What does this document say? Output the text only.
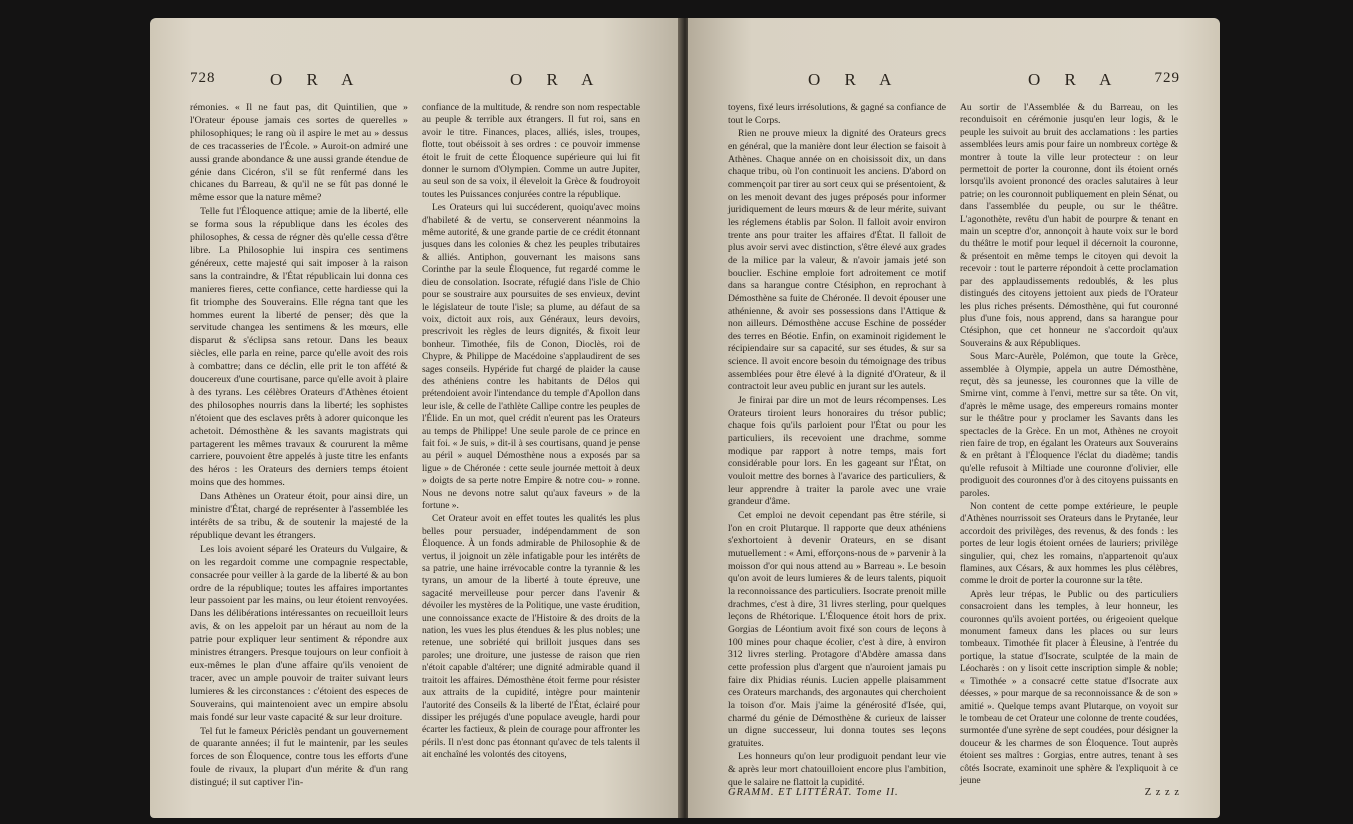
728	O R A	O R A

rémonies. « Il ne faut pas, dit Quintilien, que » l'Orateur épouse jamais ces sortes de querelles » philosophiques; le rang où il aspire le met au » dessus de ces tracasseries de l'École. » Auroit-on admiré une aussi grande abondance & une aussi grande étendue de génie dans Cicéron, s'il se fût renfermé dans les chicanes du Barreau, & qu'il ne se fût pas donné le même essor que la nature même?

Telle fut l'Éloquence attique; amie de la liberté, elle se forma sous la république dans les écoles des philosophes, & cessa de régner dès qu'elle cessa d'être libre. La Philosophie lui inspira ces sentimens généreux, cette majesté qui sait imposer à la raison sans la contraindre, & l'État républicain lui donna ces manieres fieres, cette confiance, cette hardiesse qui la fit triomphe des Souverains. Elle régna tant que les hommes eurent la liberté de penser; dès que la servitude changea les sentimens & les mœurs, elle disparut & s'éclipsa sans retour. Dans les beaux siècles, elle parla en reine, parce qu'elle avoit des rois à combattre; dans ce déclin, elle prit le ton affété & doucereux d'une courtisane, parce qu'elle avoit à plaire à des tyrans. Les célèbres Orateurs d'Athènes étoient des philosophes nourris dans la liberté; les sophistes n'étoient que des esclaves prêts à adorer quiconque les achetoit. Démosthène & les savants magistrats qui partagerent les mêmes travaux & coururent la même carriere, pouvoient être appelés à juste titre les enfants des héros : les Orateurs des derniers temps étoient moins que des hommes.

Dans Athènes un Orateur étoit, pour ainsi dire, un ministre d'État, chargé de représenter à l'assemblée les intérêts de sa tribu, & de soutenir la majesté de la république devant les étrangers.

Les lois avoient séparé les Orateurs du Vulgaire, & on les regardoit comme une compagnie respectable, consacrée pour veiller à la garde de la liberté & au bon ordre de la république; toutes les affaires importantes leur passoient par les mains, ou leur étoient renvoyées. Dans les délibérations intéressantes on recueilloit leurs avis, & on les appeloit par un héraut au nom de la patrie pour expliquer leur sentiment & répondre aux ministres étrangers. Presque toujours on leur confioit à eux-mêmes le plan d'une affaire qu'ils venoient de tracer, avec un ample pouvoir de traiter suivant leurs lumieres & les circonstances : c'étoient des especes de Souverains, qui maintenoient avec un empire absolu mais fondé sur leur vaste capacité & sur leur droiture.

Tel fut le fameux Périclès pendant un gouvernement de quarante années; il fut le maintenir, par les seules forces de son Éloquence, contre tous les efforts d'une foule de rivaux, la plupart d'un mérite & d'un rang distingué; il sut captiver l'in-

confiance de la multitude, & rendre son nom respectable au peuple & terrible aux étrangers. Il fut roi, sans en avoir le titre. Finances, places, alliés, isles, troupes, flotte, tout obéissoit à ses ordres : ce pouvoir immense étoit le fruit de cette Éloquence supérieure qui lui fit donner le surnom d'Olympien. Comme un autre Jupiter, au seul son de sa voix, il éleveloit la Grèce & foudroyoit toutes les Puissances conjurées contre la république.

Les Orateurs qui lui succéderent, quoiqu'avec moins d'habileté & de vertu, se conserverent néanmoins la même autorité, & une grande partie de ce crédit étonnant jusques dans les colonies & chez les peuples tributaires & alliés. Antiphon, gouvernant les maisons sans Corinthe par la seule Éloquence, fut regardé comme le dieu de consolation. Isocrate, réfugié dans l'isle de Chio pour se soustraire aux poursuites de ses envieux, devint le législateur de toute l'isle; sa plume, au défaut de sa voix, dictoit aux rois, aux Généraux, leurs devoirs, prescrivoit les règles de leurs dignités, & fixoit leur bonheur. Timothée, fils de Conon, Dioclès, roi de Chypre, & Philippe de Macédoine s'applaudirent de ses sages conseils. Hypéride fut chargé de plaider la cause des athéniens contre les habitants de Délos qui prétendoient avoir l'intendance du temple d'Apollon dans leur isle, & celle de l'athlète Callipe contre les peuples de l'Élide. En un mot, quel crédit n'eurent pas les Orateurs au temps de Philippe! Une seule parole de ce prince en fait foi. « Je suis, » dit-il à ses courtisans, quand je pense au péril » auquel Démosthène nous a exposés par sa ligue » de Chéronée : cette seule journée mettoit à deux » doigts de sa perte notre Empire & notre cou- » ronne. Nous ne devons notre salut qu'aux faveurs » de la fortune ».

Cet Orateur avoit en effet toutes les qualités les plus belles pour persuader, indépendamment de son Éloquence. À un fonds admirable de Philosophie & de vertus, il joignoit un zèle infatigable pour les intérêts de sa patrie, une haine irrévocable contre la tyrannie & les tyrans, un amour de la liberté à toute épreuve, une sagacité merveilleuse pour percer dans l'avenir & dévoiler les mystères de la Politique, une vaste érudition, une connoissance exacte de l'Histoire & des droits de la nation, les vues les plus étendues & les plus nobles; une retenue, une sobriété qui brilloit jusques dans ses paroles; une droiture, une justesse de raison que rien n'étoit capable d'altérer; une dignité admirable quand il traitoit les affaires. Démosthène étoit ferme pour résister aux attraits de la cupidité, intègre pour maintenir l'autorité des Conseils & la liberté de l'État, éclairé pour dissiper les préjugés d'une populace aveugle, hardi pour écarter les factieux, & plein de courage pour affronter les périls. Il n'est donc pas étonnant qu'avec de tels talents il ait enchaîné les volontés des citoyens,

O R A	O R A 729

toyens, fixé leurs irrésolutions, & gagné sa confiance de tout le Corps.

Rien ne prouve mieux la dignité des Orateurs grecs en général, que la manière dont leur élection se faisoit à Athènes. Chaque année on en choisissoit dix, un dans chaque tribu, où l'on continuoit les anciens. D'abord on commençoit par tirer au sort ceux qui se présentoient, & on les menoit devant des juges préposés pour informer juridiquement de leurs mœurs & de leur mérite, suivant les réglemens établis par Solon. Il falloit avoir environ trente ans pour traiter les affaires d'État. Il falloit de plus avoir servi avec distinction, s'être élevé aux grades de la milice par la valeur, & n'avoir jamais jeté son bouclier. Eschine emploie fort adroitement ce motif dans sa harangue contre Ctésiphon, en reprochant à Démosthène sa fuite de Chéronée. Il devoit épouser une athénienne, & avoir ses possessions dans l'Attique & non ailleurs. Démosthène accuse Eschine de posséder des terres en Béotie. Enfin, on examinoit rigidement le récipiendaire sur sa capacité, sur ses études, & sur sa science. Il avoit encore besoin du témoignage des tribus assemblées pour être élevé à la dignité d'Orateur, & il contractoit leur aveu public en jurant sur les autels.

Je finirai par dire un mot de leurs récompenses. Les Orateurs tiroient leurs honoraires du trésor public; chaque fois qu'ils parloient pour l'État ou pour les particuliers, ils recevoient une drachme, somme modique par rapport à notre temps, mais fort considérable pour lors. En les gageant sur l'État, on vouloit mettre des bornes à l'avarice des particuliers, & leur apprendre à traiter la parole avec une vraie grandeur d'âme.

Cet emploi ne devoit cependant pas être stérile, si l'on en croit Plutarque. Il rapporte que deux athéniens s'exhortoient à devenir Orateurs, en se disant mutuellement : « Ami, efforçons-nous de » parvenir à la moisson d'or qui nous attend au » Barreau ». Le besoin qu'on avoit de leurs lumieres & de leurs talents, piquoit la reconnoissance des particuliers. Isocrate prenoit mille drachmes, c'est à dire, 31 livres sterling, pour quelques leçons de Rhétorique. L'Éloquence étoit hors de prix. Gorgias de Léontium avoit fixé son cours de leçons à 100 mines pour chaque écolier, c'est à dire, à environ 312 livres sterling. Protagore d'Abdère amassa dans cette profession plus d'argent que n'auroient jamais pu faire dix Phidias réunis. Lucien appelle plaisamment ces Orateurs marchands, des argonautes qui cherchoient la toison d'or. Mais j'aime la générosité d'Isée, qui, charmé du génie de Démosthène & curieux de laisser un digne successeur, lui donna toutes ses leçons gratuites.

Les honneurs qu'on leur prodiguoit pendant leur vie & après leur mort chatouilloient encore plus l'ambition, que le salaire ne flattoit la cupidité.

Au sortir de l'Assemblée & du Barreau, on les reconduisoit en cérémonie jusqu'en leur logis, & le peuple les suivoit au bruit des acclamations : les parties assemblées leurs amis pour faire un nombreux cortège & montrer à toute la ville leur protecteur : on leur permettoit de porter la couronne, dont ils étoient ornés lorsqu'ils avoient prononcé des oracles salutaires à leur patrie; on les couronnoit publiquement en plein Sénat, ou dans l'assemblée du peuple, ou sur le théâtre. L'agonothète, revêtu d'un habit de pourpre & tenant en main un sceptre d'or, annonçoit à haute voix sur le bord du théâtre le motif pour lequel il décernoit la couronne, & présentoit en même temps le citoyen qui devoit la recevoir : tout le parterre répondoit à cette proclamation par des applaudissements redoublés, & les plus distingués des citoyens jettoient aux pieds de l'Orateur les plus riches présents. Démosthène, qui fut couronné plus d'une fois, nous apprend, dans sa harangue pour Ctésiphon, que cet honneur ne s'accordoit qu'aux Souverains & aux Républiques.

Sous Marc-Aurèle, Polémon, que toute la Grèce, assemblée à Olympie, appela un autre Démosthène, reçut, dès sa jeunesse, les couronnes que la ville de Smirne vint, comme à l'envi, mettre sur sa tête. On vit, d'après le même usage, des empereurs romains monter sur le théâtre pour y proclamer les Savants dans les spectacles de la Grèce. En un mot, Athènes ne croyoit rien faire de trop, en égalant les Orateurs aux Souverains & en prêtant à l'Éloquence l'éclat du diadème; tandis qu'elle refusoit à Miltiade une couronne d'olivier, elle prodiguoit des couronnes d'or à des citoyens puissants en paroles.

Non content de cette pompe extérieure, le peuple d'Athènes nourrissoit ses Orateurs dans le Prytanée, leur accordoit des privilèges, des revenus, & des fonds : les portes de leur logis étoient ornées de lauriers; privilège singulier, qui, chez les romains, n'appartenoit qu'aux flamines, aux Césars, & aux hommes les plus célèbres, comme le droit de porter la couronne sur la tête.

Après leur trépas, le Public ou des particuliers consacroient dans les temples, à leur honneur, les couronnes qu'ils avoient portées, ou érigeoient quelque monument fameux dans les places ou sur leurs tombeaux. Timothée fit placer à Éleusine, à l'entrée du portique, la statue d'Isocrate, sculptée de la main de Léocharès : on y lisoit cette inscription simple & noble; « Timothée » a consacré cette statue d'Isocrate aux déesses, » pour marque de sa reconnoissance & de son » amitié ». Quelque temps avant Plutarque, on voyoit sur le tombeau de cet Orateur une colonne de trente coudées, surmontée d'une syrène de sept coudées, pour désigner la douceur & les charmes de son Éloquence. Tout auprès étoient ses maîtres : Gorgias, entre autres, tenant à ses côtés Isocrate, examinoit une sphère & l'expliquoit à ce jeune

GRAMM. ET LITTÉRAT. Tome II.	Z z z z
